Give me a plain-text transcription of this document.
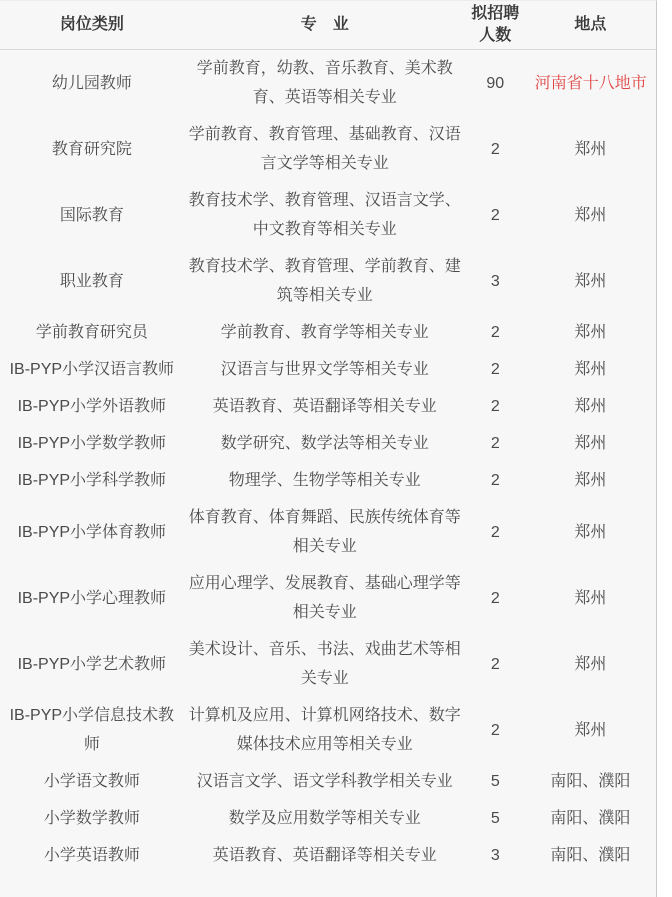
岗位类别	专　业	拟招聘人数	地点
幼儿园教师	学前教育，幼教、音乐教育、美术教育、英语等相关专业	90	河南省十八地市
教育研究院	学前教育、教育管理、基础教育、汉语言文学等相关专业	2	郑州
国际教育	教育技术学、教育管理、汉语言文学、中文教育等相关专业	2	郑州
职业教育	教育技术学、教育管理、学前教育、建筑等相关专业	3	郑州
学前教育研究员	学前教育、教育学等相关专业	2	郑州
IB-PYP小学汉语言教师	汉语言与世界文学等相关专业	2	郑州
IB-PYP小学外语教师	英语教育、英语翻译等相关专业	2	郑州
IB-PYP小学数学教师	数学研究、数学法等相关专业	2	郑州
IB-PYP小学科学教师	物理学、生物学等相关专业	2	郑州
IB-PYP小学体育教师	体育教育、体育舞蹈、民族传统体育等相关专业	2	郑州
IB-PYP小学心理教师	应用心理学、发展教育、基础心理学等相关专业	2	郑州
IB-PYP小学艺术教师	美术设计、音乐、书法、戏曲艺术等相关专业	2	郑州
IB-PYP小学信息技术教师	计算机及应用、计算机网络技术、数字媒体技术应用等相关专业	2	郑州
小学语文教师	汉语言文学、语文学科教学相关专业	5	南阳、濮阳
小学数学教师	数学及应用数学等相关专业	5	南阳、濮阳
小学英语教师	英语教育、英语翻译等相关专业	3	南阳、濮阳
